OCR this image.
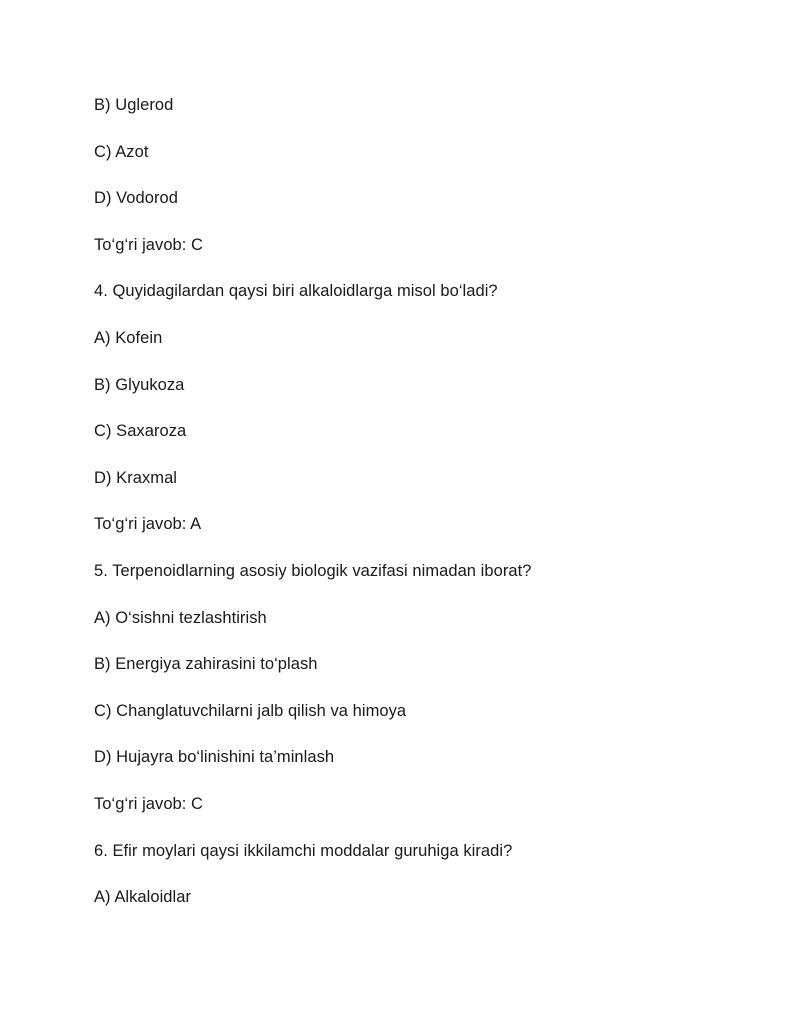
B) Uglerod
C) Azot
D) Vodorod
To‘g‘ri javob: C
4. Quyidagilardan qaysi biri alkaloidlarga misol bo‘ladi?
A) Kofein
B) Glyukoza
C) Saxaroza
D) Kraxmal
To‘g‘ri javob: A
5. Terpenoidlarning asosiy biologik vazifasi nimadan iborat?
A) O‘sishni tezlashtirish
B) Energiya zahirasini to‘plash
C) Changlatuvchilarni jalb qilish va himoya
D) Hujayra bo‘linishini ta’minlash
To‘g‘ri javob: C
6. Efir moylari qaysi ikkilamchi moddalar guruhiga kiradi?
A) Alkaloidlar
